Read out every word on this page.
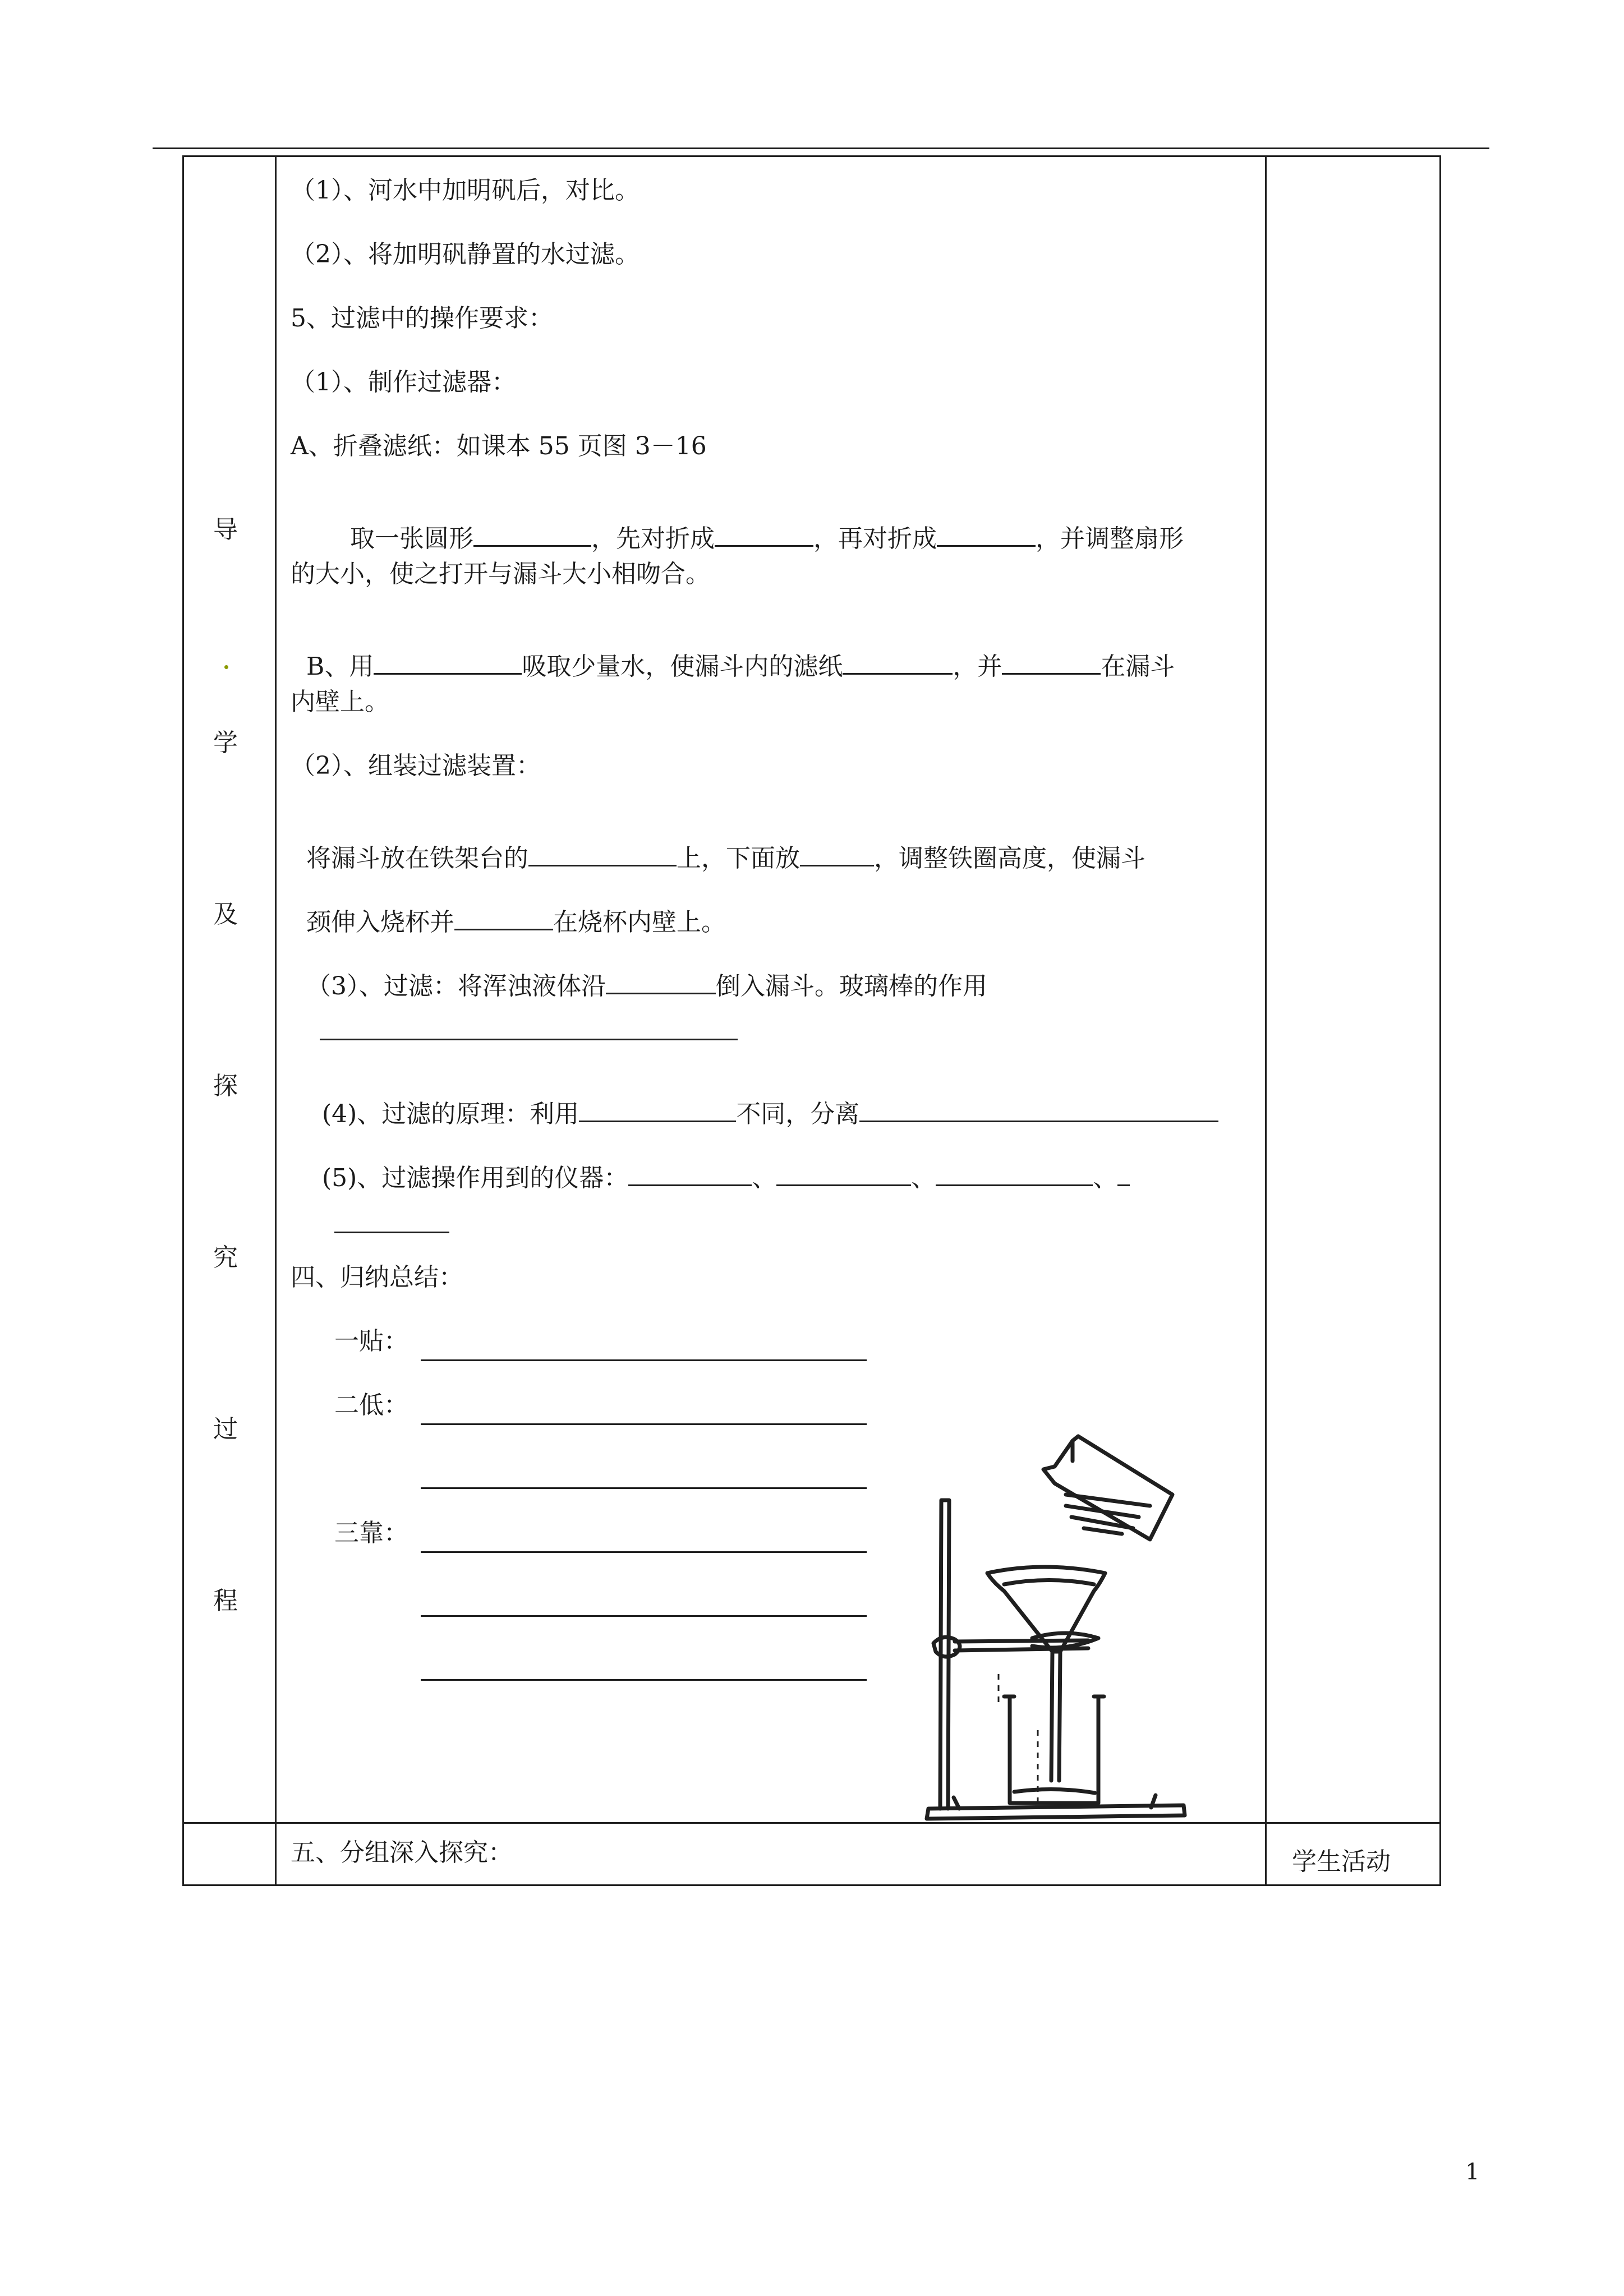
导
学
及
探
究
过
程
（1）、河水中加明矾后，对比。
（2）、将加明矾静置的水过滤。
5、过滤中的操作要求：
（1）、制作过滤器：
A、折叠滤纸：如课本 55 页图 3－16

取一张圆形	，先对折成	，再对折成	，并调整扇形

的大小，使之打开与漏斗大小相吻合。

B、用	吸取少量水，使漏斗内的滤纸	，并	在漏斗

内壁上。
（2）、组装过滤装置：

将漏斗放在铁架台的	上，下面放	，调整铁圈高度，使漏斗

颈伸入烧杯并	在烧杯内壁上。

（3）、过滤：将浑浊液体沿	倒入漏斗。玻璃棒的作用

(4)、过滤的原理：利用	不同，分离

(5)、过滤操作用到的仪器：	、	、	、

四、归纳总结：
一贴：
二低：
三靠：
五、分组深入探究：	学生活动
1
